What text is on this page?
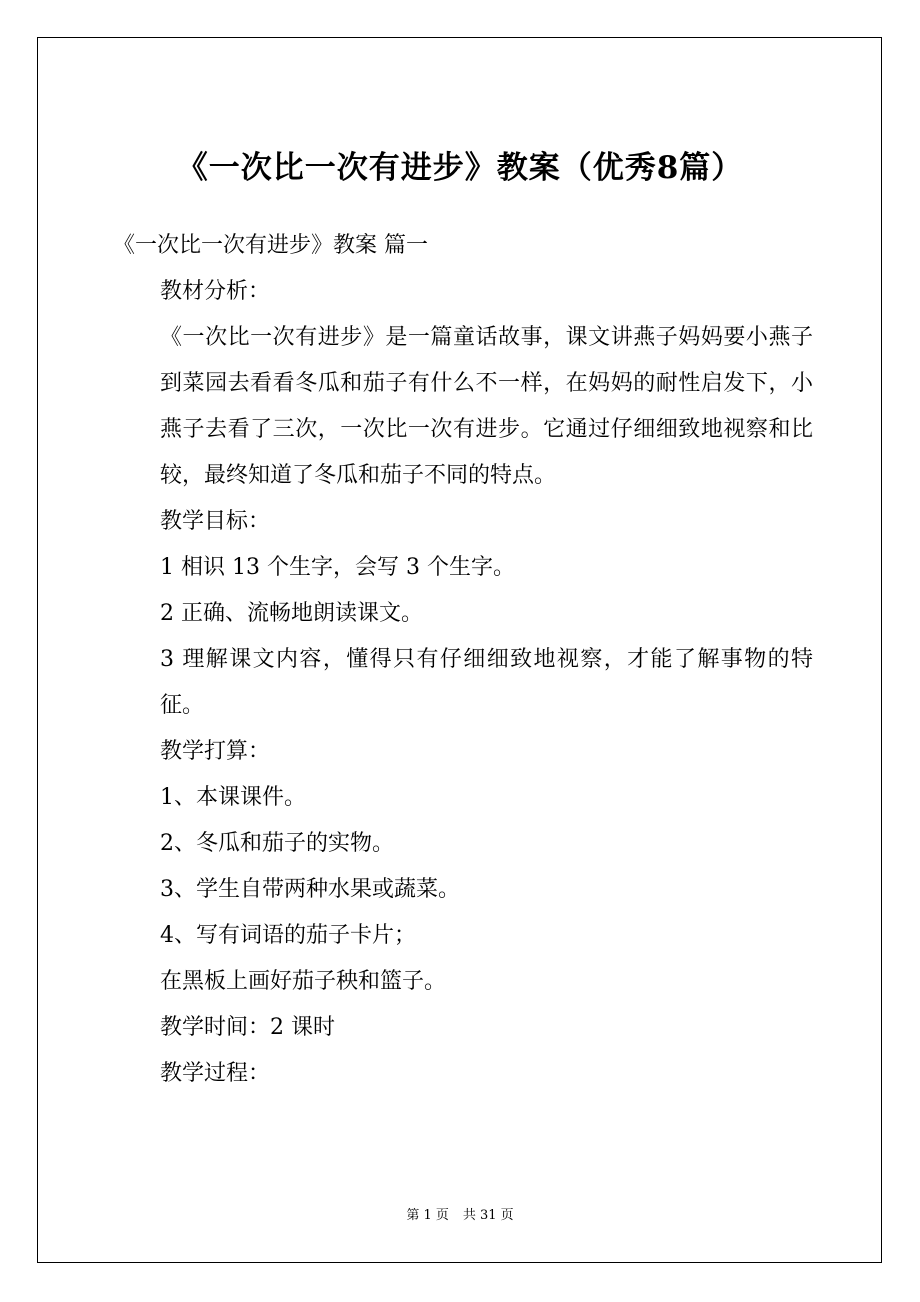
《一次比一次有进步》教案（优秀8篇）

《一次比一次有进步》教案 篇一

教材分析：

《一次比一次有进步》是一篇童话故事，课文讲燕子妈妈要小燕子到菜园去看看冬瓜和茄子有什么不一样，在妈妈的耐性启发下，小燕子去看了三次，一次比一次有进步。它通过仔细细致地视察和比较，最终知道了冬瓜和茄子不同的特点。

教学目标：

1 相识 13 个生字，会写 3 个生字。

2 正确、流畅地朗读课文。

3 理解课文内容，懂得只有仔细细致地视察，才能了解事物的特征。

教学打算：

1、本课课件。

2、冬瓜和茄子的实物。

3、学生自带两种水果或蔬菜。

4、写有词语的茄子卡片；

在黑板上画好茄子秧和篮子。

教学时间：2 课时

教学过程：

第 1 页 共 31 页
